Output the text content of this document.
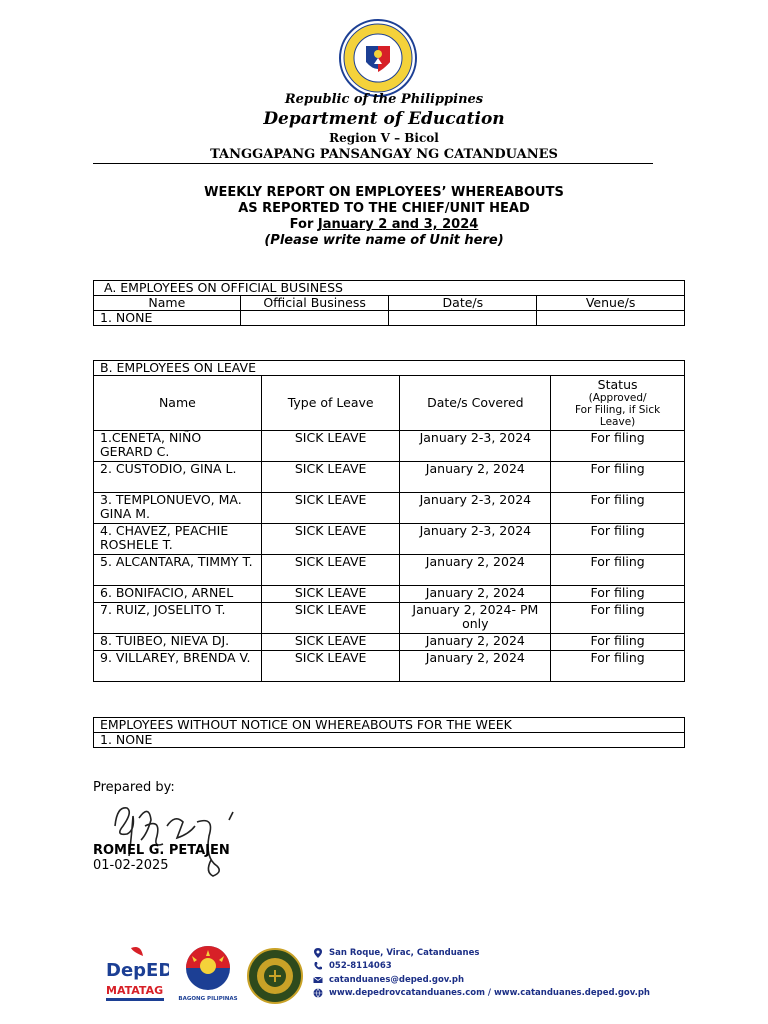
Republic of the Philippines
Department of Education
Region V – Bicol
TANGGAPANG PANSANGAY NG CATANDUANES
WEEKLY REPORT ON EMPLOYEES’ WHEREABOUTS
AS REPORTED TO THE CHIEF/UNIT HEAD
For January 2 and 3, 2024
(Please write name of Unit here)
A. EMPLOYEES ON OFFICIAL BUSINESS			
Name	Official Business	Date/s	Venue/s
1. NONE			
B. EMPLOYEES ON LEAVE			
Name	Type of Leave	Date/s Covered	Status
(Approved/
For Filing, if Sick
Leave)

1.CENETA, NIÑO GERARD C.	SICK LEAVE	January 2-3, 2024	For filing
2. CUSTODIO, GINA L.	SICK LEAVE	January 2, 2024	For filing
3. TEMPLONUEVO, MA. GINA M.	SICK LEAVE	January 2-3, 2024	For filing
4. CHAVEZ, PEACHIE ROSHELE T.	SICK LEAVE	January 2-3, 2024	For filing
5. ALCANTARA, TIMMY T.	SICK LEAVE	January 2, 2024	For filing
6. BONIFACIO, ARNEL	SICK LEAVE	January 2, 2024	For filing
7. RUIZ, JOSELITO T.	SICK LEAVE	January 2, 2024- PM only	For filing
8. TUIBEO, NIEVA DJ.	SICK LEAVE	January 2, 2024	For filing
9. VILLAREY, BRENDA V.	SICK LEAVE	January 2, 2024	For filing
EMPLOYEES WITHOUT NOTICE ON WHEREABOUTS FOR THE WEEK
1. NONE
Prepared by:
ROMEL G. PETAJEN
01-02-2025
DepED
MATATAG
BAGONG PILIPINAS
San Roque, Virac, Catanduanes
052-8114063
catanduanes@deped.gov.ph
www.depedrovcatanduanes.com / www.catanduanes.deped.gov.ph
